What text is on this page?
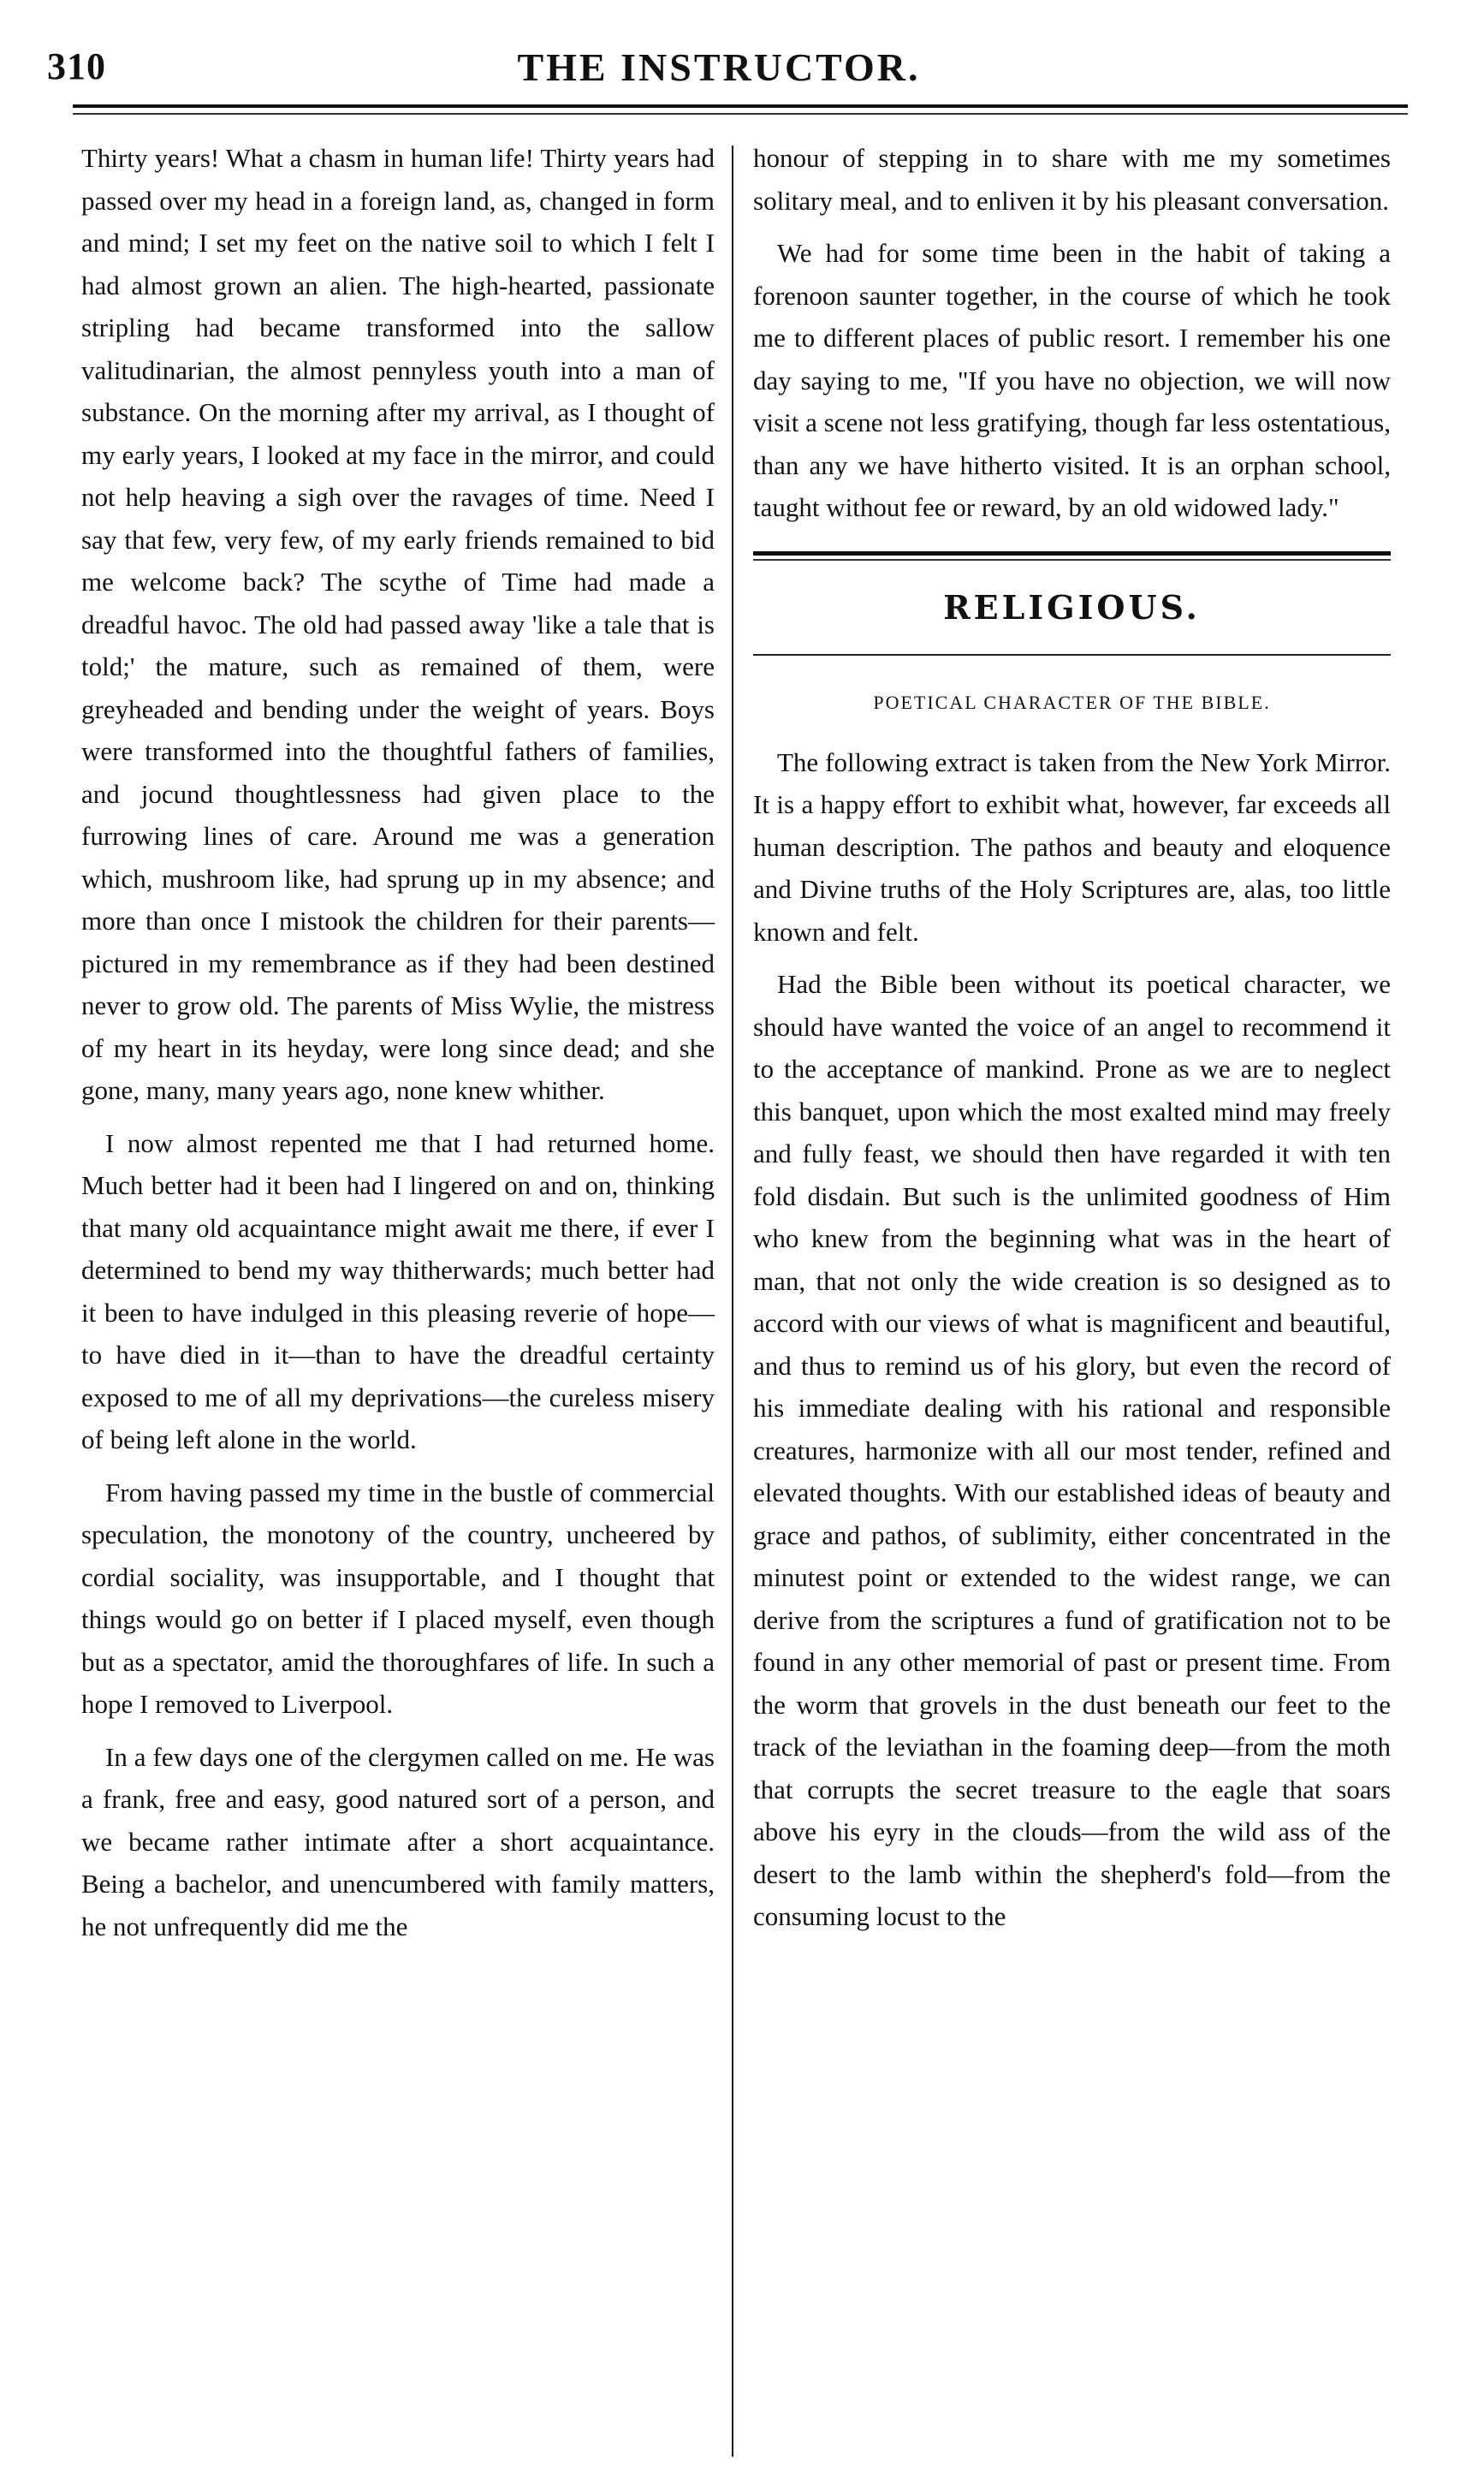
310	THE INSTRUCTOR.

Thirty years! What a chasm in human life! Thirty years had passed over my head in a foreign land, as, changed in form and mind; I set my feet on the native soil to which I felt I had almost grown an alien. The high-hearted, passionate stripling had became transformed into the sallow valitudinarian, the almost pennyless youth into a man of substance. On the morning after my arrival, as I thought of my early years, I looked at my face in the mirror, and could not help heaving a sigh over the ravages of time. Need I say that few, very few, of my early friends remained to bid me welcome back? The scythe of Time had made a dreadful havoc. The old had passed away 'like a tale that is told;' the mature, such as remained of them, were greyheaded and bending under the weight of years. Boys were transformed into the thoughtful fathers of families, and jocund thoughtlessness had given place to the furrowing lines of care. Around me was a generation which, mushroom like, had sprung up in my absence; and more than once I mistook the children for their parents—pictured in my remembrance as if they had been destined never to grow old. The parents of Miss Wylie, the mistress of my heart in its heyday, were long since dead; and she gone, many, many years ago, none knew whither.

I now almost repented me that I had returned home. Much better had it been had I lingered on and on, thinking that many old acquaintance might await me there, if ever I determined to bend my way thitherwards; much better had it been to have indulged in this pleasing reverie of hope—to have died in it—than to have the dreadful certainty exposed to me of all my deprivations—the cureless misery of being left alone in the world.

From having passed my time in the bustle of commercial speculation, the monotony of the country, uncheered by cordial sociality, was insupportable, and I thought that things would go on better if I placed myself, even though but as a spectator, amid the thoroughfares of life. In such a hope I removed to Liverpool.

In a few days one of the clergymen called on me. He was a frank, free and easy, good natured sort of a person, and we became rather intimate after a short acquaintance. Being a bachelor, and unencumbered with family matters, he not unfrequently did me the

honour of stepping in to share with me my sometimes solitary meal, and to enliven it by his pleasant conversation.

We had for some time been in the habit of taking a forenoon saunter together, in the course of which he took me to different places of public resort. I remember his one day saying to me, "If you have no objection, we will now visit a scene not less gratifying, though far less ostentatious, than any we have hitherto visited. It is an orphan school, taught without fee or reward, by an old widowed lady."

RELIGIOUS.
POETICAL CHARACTER OF THE BIBLE.

The following extract is taken from the New York Mirror. It is a happy effort to exhibit what, however, far exceeds all human description. The pathos and beauty and eloquence and Divine truths of the Holy Scriptures are, alas, too little known and felt.

Had the Bible been without its poetical character, we should have wanted the voice of an angel to recommend it to the acceptance of mankind. Prone as we are to neglect this banquet, upon which the most exalted mind may freely and fully feast, we should then have regarded it with ten fold disdain. But such is the unlimited goodness of Him who knew from the beginning what was in the heart of man, that not only the wide creation is so designed as to accord with our views of what is magnificent and beautiful, and thus to remind us of his glory, but even the record of his immediate dealing with his rational and responsible creatures, harmonize with all our most tender, refined and elevated thoughts. With our established ideas of beauty and grace and pathos, of sublimity, either concentrated in the minutest point or extended to the widest range, we can derive from the scriptures a fund of gratification not to be found in any other memorial of past or present time. From the worm that grovels in the dust beneath our feet to the track of the leviathan in the foaming deep—from the moth that corrupts the secret treasure to the eagle that soars above his eyry in the clouds—from the wild ass of the desert to the lamb within the shepherd's fold—from the consuming locust to the
